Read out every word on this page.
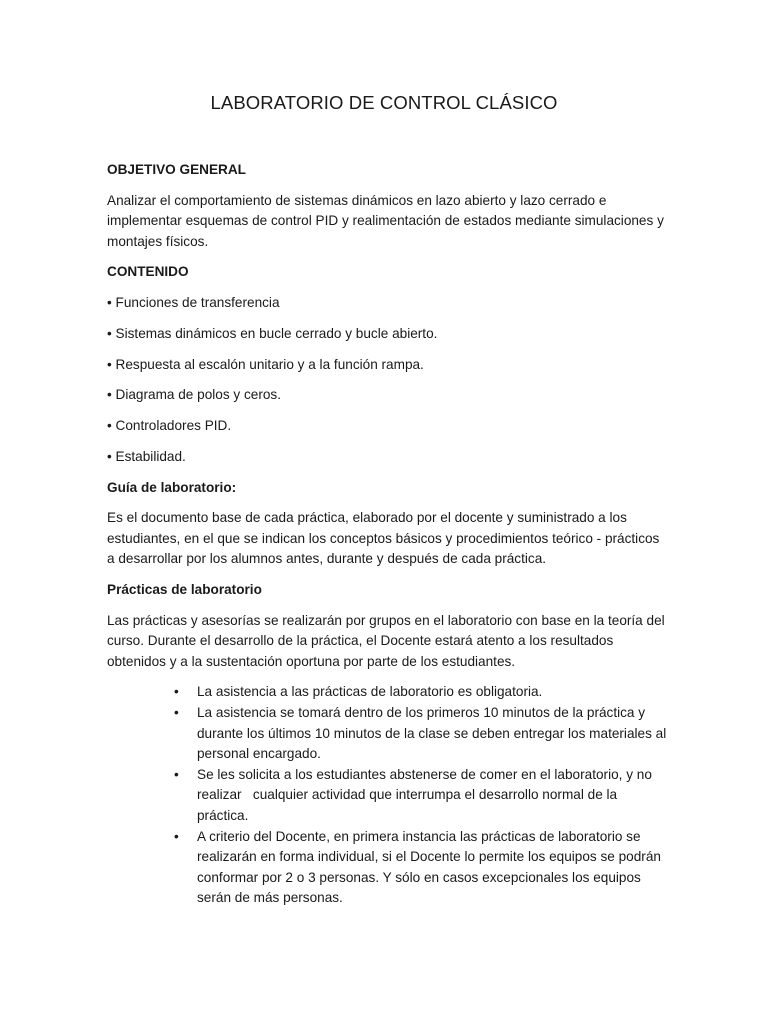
LABORATORIO DE CONTROL CLÁSICO
OBJETIVO GENERAL
Analizar el comportamiento de sistemas dinámicos en lazo abierto y lazo cerrado e implementar esquemas de control PID y realimentación de estados mediante simulaciones y montajes físicos.
CONTENIDO
• Funciones de transferencia
• Sistemas dinámicos en bucle cerrado y bucle abierto.
• Respuesta al escalón unitario y a la función rampa.
• Diagrama de polos y ceros.
• Controladores PID.
• Estabilidad.
Guía de laboratorio:
Es el documento base de cada práctica, elaborado por el docente y suministrado a los estudiantes, en el que se indican los conceptos básicos y procedimientos teórico - prácticos a desarrollar por los alumnos antes, durante y después de cada práctica.
Prácticas de laboratorio
Las prácticas y asesorías se realizarán por grupos en el laboratorio con base en la teoría del curso. Durante el desarrollo de la práctica, el Docente estará atento a los resultados obtenidos y a la sustentación oportuna por parte de los estudiantes.
• La asistencia a las prácticas de laboratorio es obligatoria.
• La asistencia se tomará dentro de los primeros 10 minutos de la práctica y durante los últimos 10 minutos de la clase se deben entregar los materiales al personal encargado.
• Se les solicita a los estudiantes abstenerse de comer en el laboratorio, y no realizar   cualquier actividad que interrumpa el desarrollo normal de la práctica.
• A criterio del Docente, en primera instancia las prácticas de laboratorio se realizarán en forma individual, si el Docente lo permite los equipos se podrán conformar por 2 o 3 personas. Y sólo en casos excepcionales los equipos serán de más personas.
